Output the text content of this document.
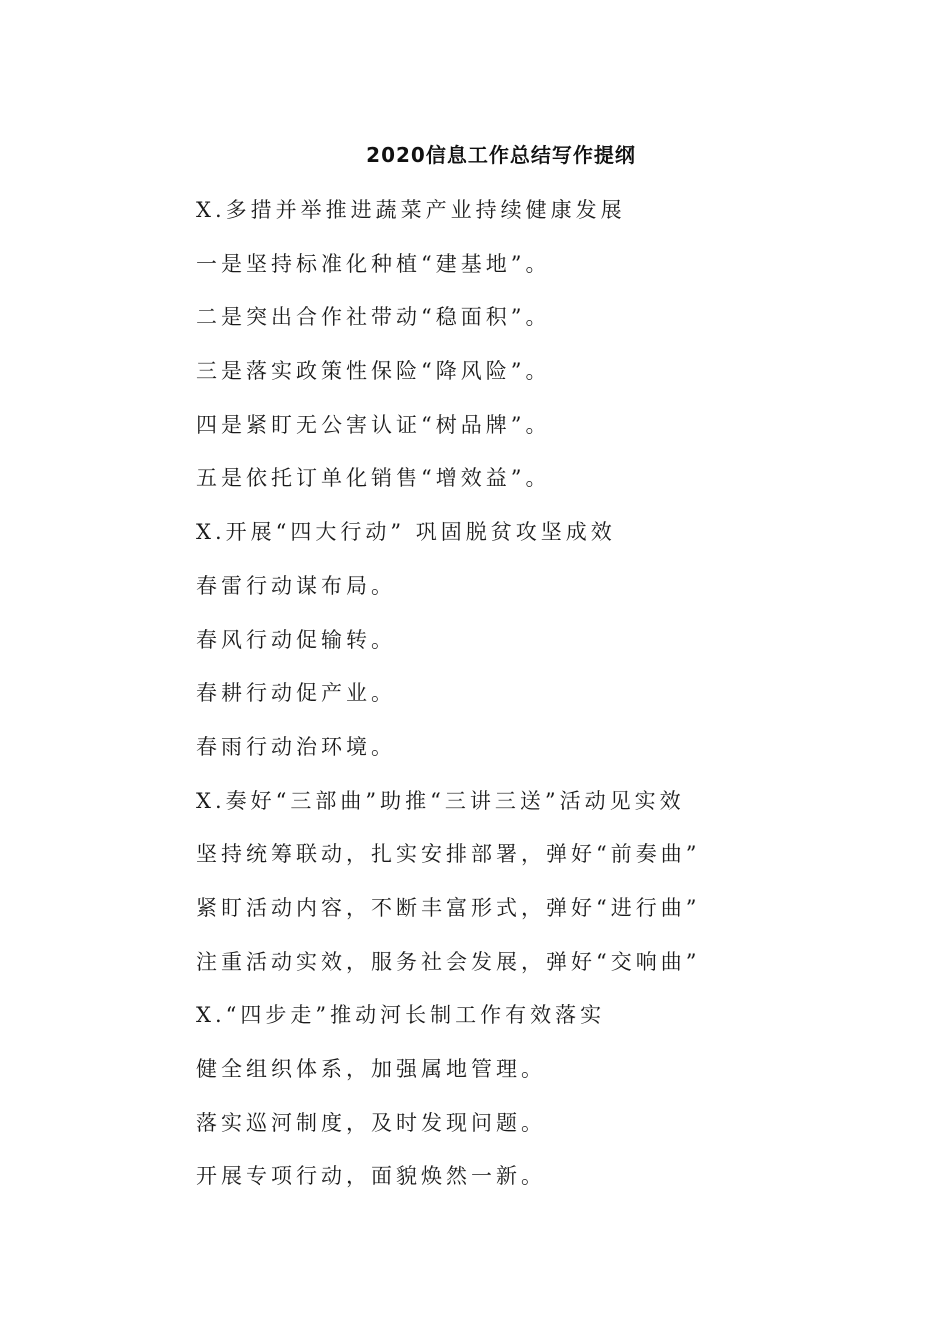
2020信息工作总结写作提纲
X.多措并举推进蔬菜产业持续健康发展
一是坚持标准化种植“建基地”。
二是突出合作社带动“稳面积”。
三是落实政策性保险“降风险”。
四是紧盯无公害认证“树品牌”。
五是依托订单化销售“增效益”。
X.开展“四大行动” 巩固脱贫攻坚成效
春雷行动谋布局。
春风行动促输转。
春耕行动促产业。
春雨行动治环境。
X.奏好“三部曲”助推“三讲三送”活动见实效
坚持统筹联动，扎实安排部署，弹好“前奏曲”
紧盯活动内容，不断丰富形式，弹好“进行曲”
注重活动实效，服务社会发展，弹好“交响曲”
X.“四步走”推动河长制工作有效落实
健全组织体系，加强属地管理。
落实巡河制度，及时发现问题。
开展专项行动，面貌焕然一新。
